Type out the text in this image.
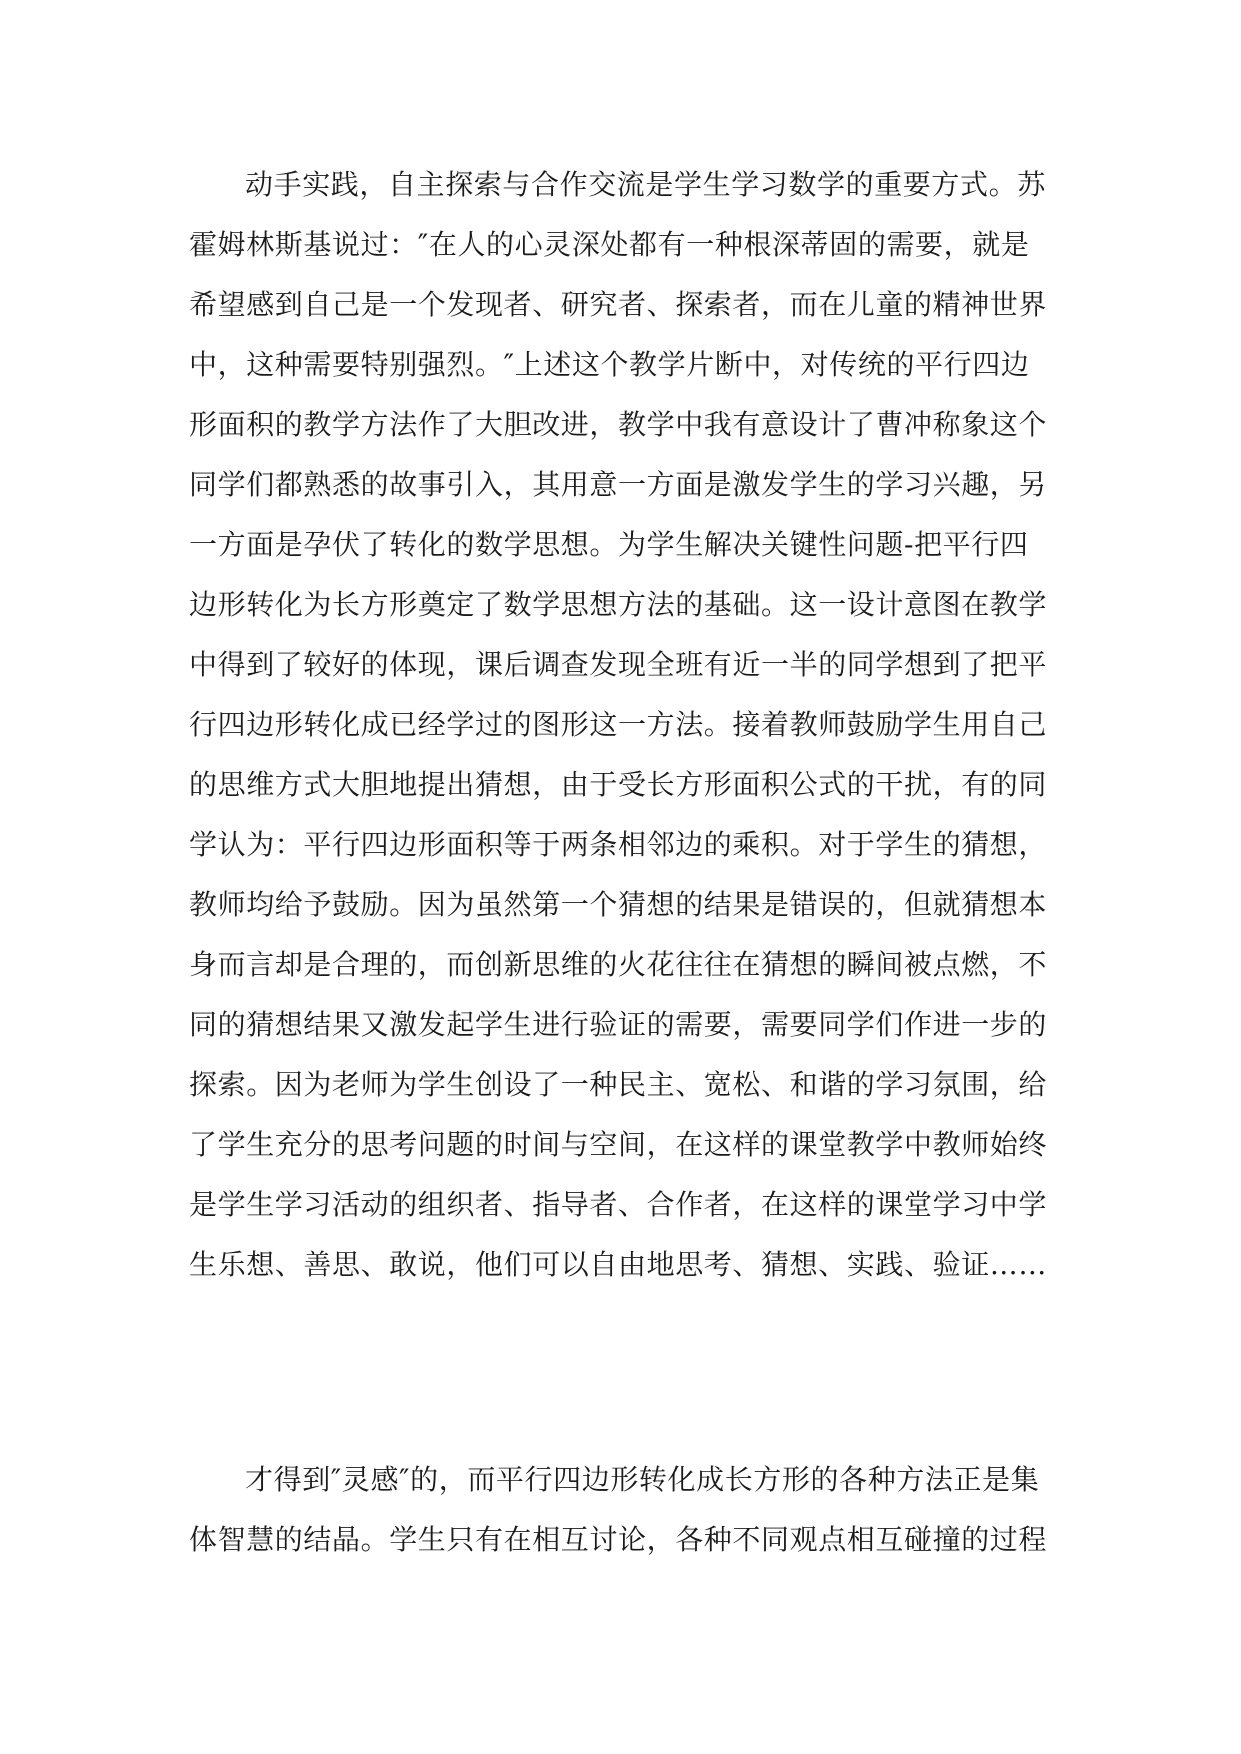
动手实践，自主探索与合作交流是学生学习数学的重要方式。苏
霍姆林斯基说过：″在人的心灵深处都有一种根深蒂固的需要，就是
希望感到自己是一个发现者、研究者、探索者，而在儿童的精神世界
中，这种需要特别强烈。″上述这个教学片断中，对传统的平行四边
形面积的教学方法作了大胆改进，教学中我有意设计了曹冲称象这个
同学们都熟悉的故事引入，其用意一方面是激发学生的学习兴趣，另
一方面是孕伏了转化的数学思想。为学生解决关键性问题-把平行四
边形转化为长方形奠定了数学思想方法的基础。这一设计意图在教学
中得到了较好的体现，课后调查发现全班有近一半的同学想到了把平
行四边形转化成已经学过的图形这一方法。接着教师鼓励学生用自己
的思维方式大胆地提出猜想，由于受长方形面积公式的干扰，有的同
学认为：平行四边形面积等于两条相邻边的乘积。对于学生的猜想，
教师均给予鼓励。因为虽然第一个猜想的结果是错误的，但就猜想本
身而言却是合理的，而创新思维的火花往往在猜想的瞬间被点燃，不
同的猜想结果又激发起学生进行验证的需要，需要同学们作进一步的
探索。因为老师为学生创设了一种民主、宽松、和谐的学习氛围，给
了学生充分的思考问题的时间与空间，在这样的课堂教学中教师始终
是学生学习活动的组织者、指导者、合作者，在这样的课堂学习中学
生乐想、善思、敢说，他们可以自由地思考、猜想、实践、验证……
才得到″灵感″的，而平行四边形转化成长方形的各种方法正是集
体智慧的结晶。学生只有在相互讨论，各种不同观点相互碰撞的过程
